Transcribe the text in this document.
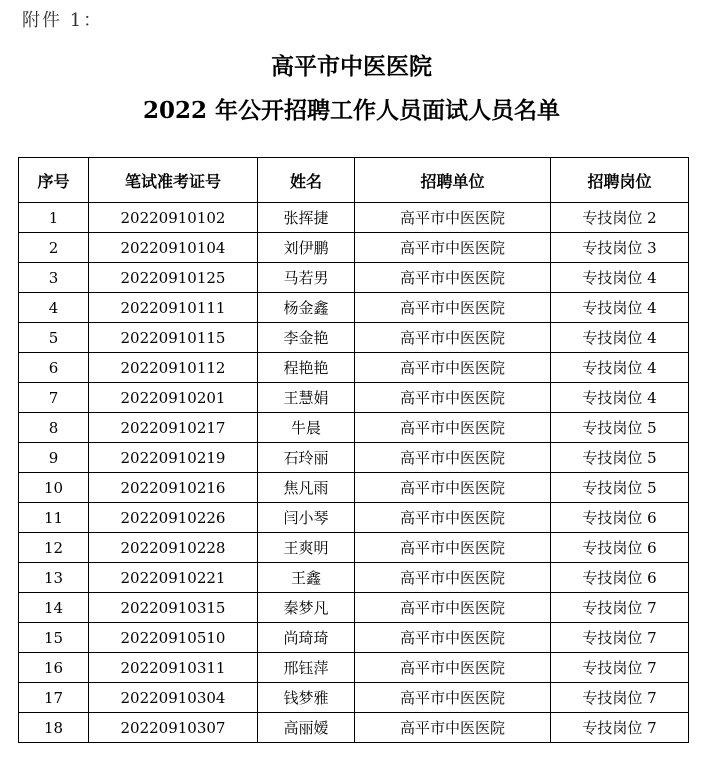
附件 1：
高平市中医医院
2022 年公开招聘工作人员面试人员名单
序号	笔试准考证号	姓名	招聘单位	招聘岗位
1	20220910102	张挥捷	高平市中医医院	专技岗位 2
2	20220910104	刘伊鹏	高平市中医医院	专技岗位 3
3	20220910125	马若男	高平市中医医院	专技岗位 4
4	20220910111	杨金鑫	高平市中医医院	专技岗位 4
5	20220910115	李金艳	高平市中医医院	专技岗位 4
6	20220910112	程艳艳	高平市中医医院	专技岗位 4
7	20220910201	王慧娟	高平市中医医院	专技岗位 4
8	20220910217	牛晨	高平市中医医院	专技岗位 5
9	20220910219	石玲丽	高平市中医医院	专技岗位 5
10	20220910216	焦凡雨	高平市中医医院	专技岗位 5
11	20220910226	闫小琴	高平市中医医院	专技岗位 6
12	20220910228	王爽明	高平市中医医院	专技岗位 6
13	20220910221	王鑫	高平市中医医院	专技岗位 6
14	20220910315	秦梦凡	高平市中医医院	专技岗位 7
15	20220910510	尚琦琦	高平市中医医院	专技岗位 7
16	20220910311	邢钰萍	高平市中医医院	专技岗位 7
17	20220910304	钱梦雅	高平市中医医院	专技岗位 7
18	20220910307	高丽嫒	高平市中医医院	专技岗位 7
